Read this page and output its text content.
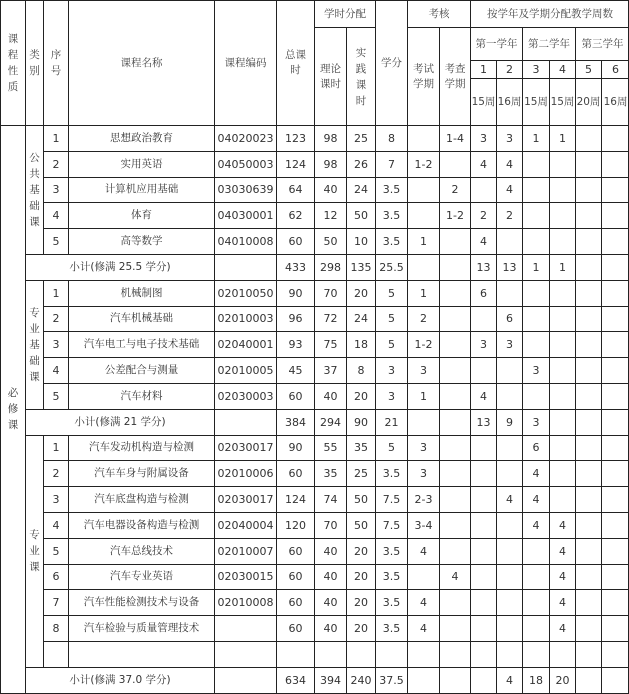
课程性质	类别	序号	课程名称	课程编码	总课时	学时分配		学分	考核		按学年及学期分配教学周数					
						理论课时	实践课时		考试学期	考查学期	第一学年		第二学年		第三学年	
											1	2	3	4	5	6
											15周	16周	15周	15周	20周	16周
必修课	公共基础课	1	思想政治教育	04020023	123	98	25	8		1-4	3	3	1	1		
		2	实用英语	04050003	124	98	26	7	1-2		4	4				
		3	计算机应用基础	03030639	64	40	24	3.5		2		4				
		4	体育	04030001	62	12	50	3.5		1-2	2	2				
		5	高等数学	04010008	60	50	10	3.5	1		4					
	小计(修满 25.5 学分)				433	298	135	25.5			13	13	1	1		
	专业基础课	1	机械制图	02010050	90	70	20	5	1		6					
		2	汽车机械基础	02010003	96	72	24	5	2			6				
		3	汽车电工与电子技术基础	02040001	93	75	18	5	1-2		3	3				
		4	公差配合与测量	02010005	45	37	8	3	3				3			
		5	汽车材料	02030003	60	40	20	3	1		4					
	小计(修满 21 学分)				384	294	90	21			13	9	3			
	专业课	1	汽车发动机构造与检测	02030017	90	55	35	5	3				6			
		2	汽车车身与附属设备	02010006	60	35	25	3.5	3				4			
		3	汽车底盘构造与检测	02030017	124	74	50	7.5	2-3			4	4			
		4	汽车电器设备构造与检测	02040004	120	70	50	7.5	3-4				4	4		
		5	汽车总线技术	02010007	60	40	20	3.5	4					4		
		6	汽车专业英语	02030015	60	40	20	3.5		4				4		
		7	汽车性能检测技术与设备	02010008	60	40	20	3.5	4					4		
		8	汽车检验与质量管理技术		60	40	20	3.5	4					4		

	小计(修满 37.0 学分)				634	394	240	37.5				4	18	20		
